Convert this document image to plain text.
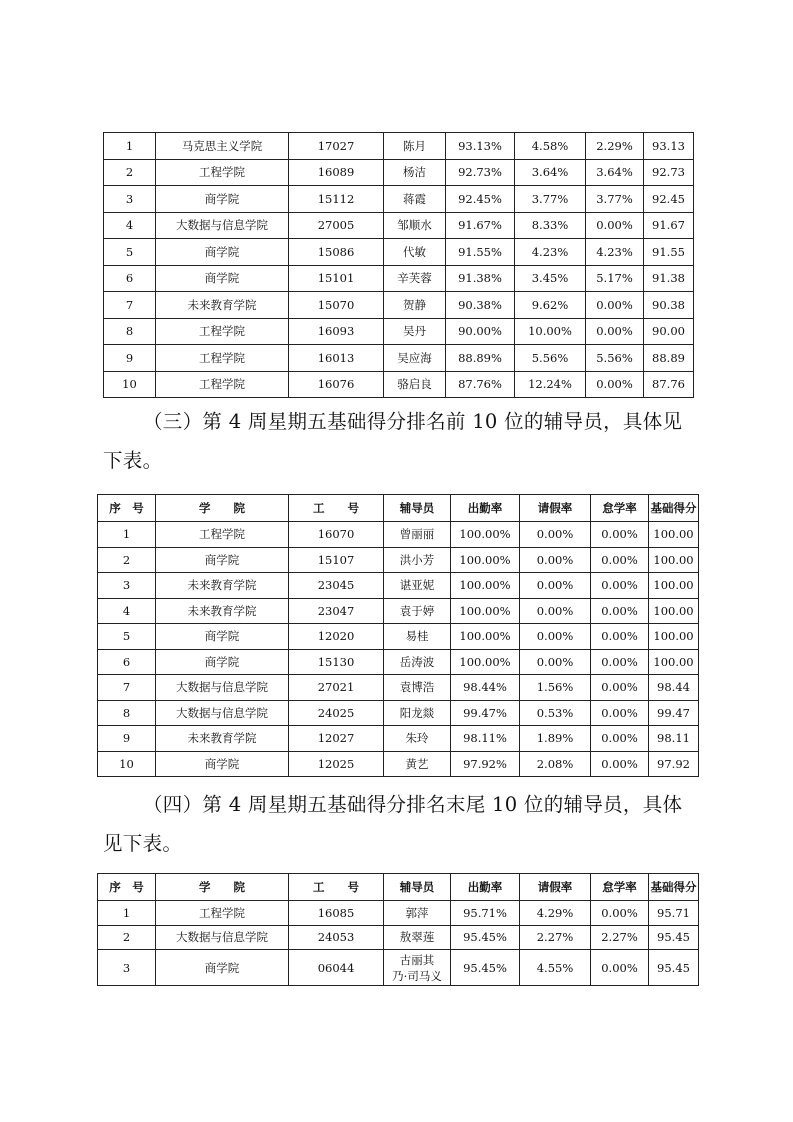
1	马克思主义学院	17027	陈月	93.13%	4.58%	2.29%	93.13
2	工程学院	16089	杨洁	92.73%	3.64%	3.64%	92.73
3	商学院	15112	蒋霞	92.45%	3.77%	3.77%	92.45
4	大数据与信息学院	27005	邹顺水	91.67%	8.33%	0.00%	91.67
5	商学院	15086	代敏	91.55%	4.23%	4.23%	91.55
6	商学院	15101	辛芙蓉	91.38%	3.45%	5.17%	91.38
7	未来教育学院	15070	贺静	90.38%	9.62%	0.00%	90.38
8	工程学院	16093	吴丹	90.00%	10.00%	0.00%	90.00
9	工程学院	16013	吴应海	88.89%	5.56%	5.56%	88.89
10	工程学院	16076	骆启良	87.76%	12.24%	0.00%	87.76

（三）第 4 周星期五基础得分排名前 10 位的辅导员，具体见下表。

序　号	学　　院	工　　号	辅导员	出勤率	请假率	怠学率	基础得分
1	工程学院	16070	曾丽丽	100.00%	0.00%	0.00%	100.00
2	商学院	15107	洪小芳	100.00%	0.00%	0.00%	100.00
3	未来教育学院	23045	谌亚妮	100.00%	0.00%	0.00%	100.00
4	未来教育学院	23047	袁于婷	100.00%	0.00%	0.00%	100.00
5	商学院	12020	易桂	100.00%	0.00%	0.00%	100.00
6	商学院	15130	岳涛波	100.00%	0.00%	0.00%	100.00
7	大数据与信息学院	27021	袁博浩	98.44%	1.56%	0.00%	98.44
8	大数据与信息学院	24025	阳龙燚	99.47%	0.53%	0.00%	99.47
9	未来教育学院	12027	朱玲	98.11%	1.89%	0.00%	98.11
10	商学院	12025	黄艺	97.92%	2.08%	0.00%	97.92

（四）第 4 周星期五基础得分排名末尾 10 位的辅导员，具体见下表。

序　号	学　　院	工　　号	辅导员	出勤率	请假率	怠学率	基础得分
1	工程学院	16085	郭萍	95.71%	4.29%	0.00%	95.71
2	大数据与信息学院	24053	敖翠莲	95.45%	2.27%	2.27%	95.45
3	商学院	06044	古丽其
乃·司马义	95.45%	4.55%	0.00%	95.45
